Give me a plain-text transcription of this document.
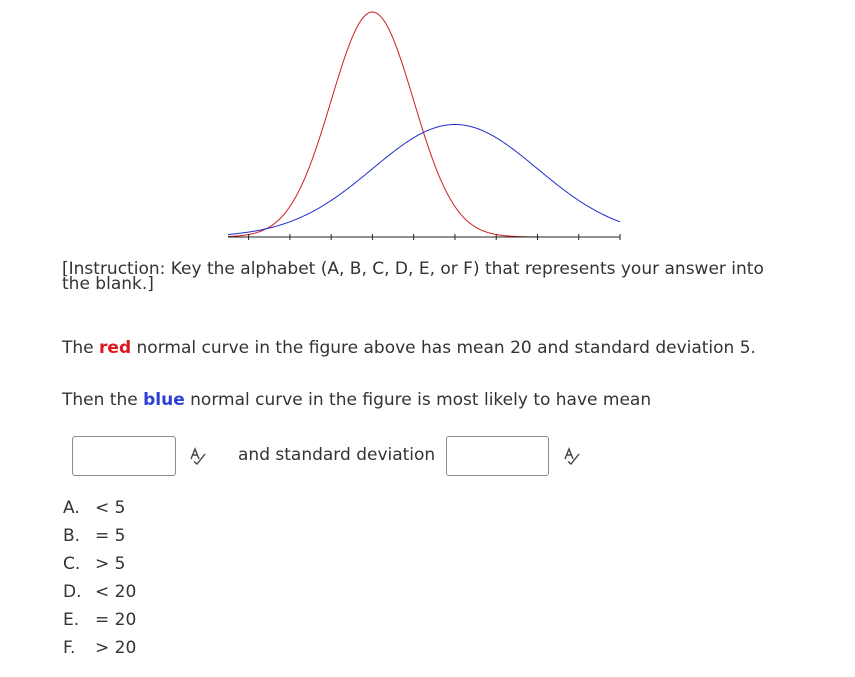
[Instruction: Key the alphabet (A, B, C, D, E, or F) that represents your answer into the blank.]
The red normal curve in the figure above has mean 20 and standard deviation 5.
Then the blue normal curve in the figure is most likely to have mean
and standard deviation
A. < 5
B. = 5
C. > 5
D. < 20
E. = 20
F. > 20
